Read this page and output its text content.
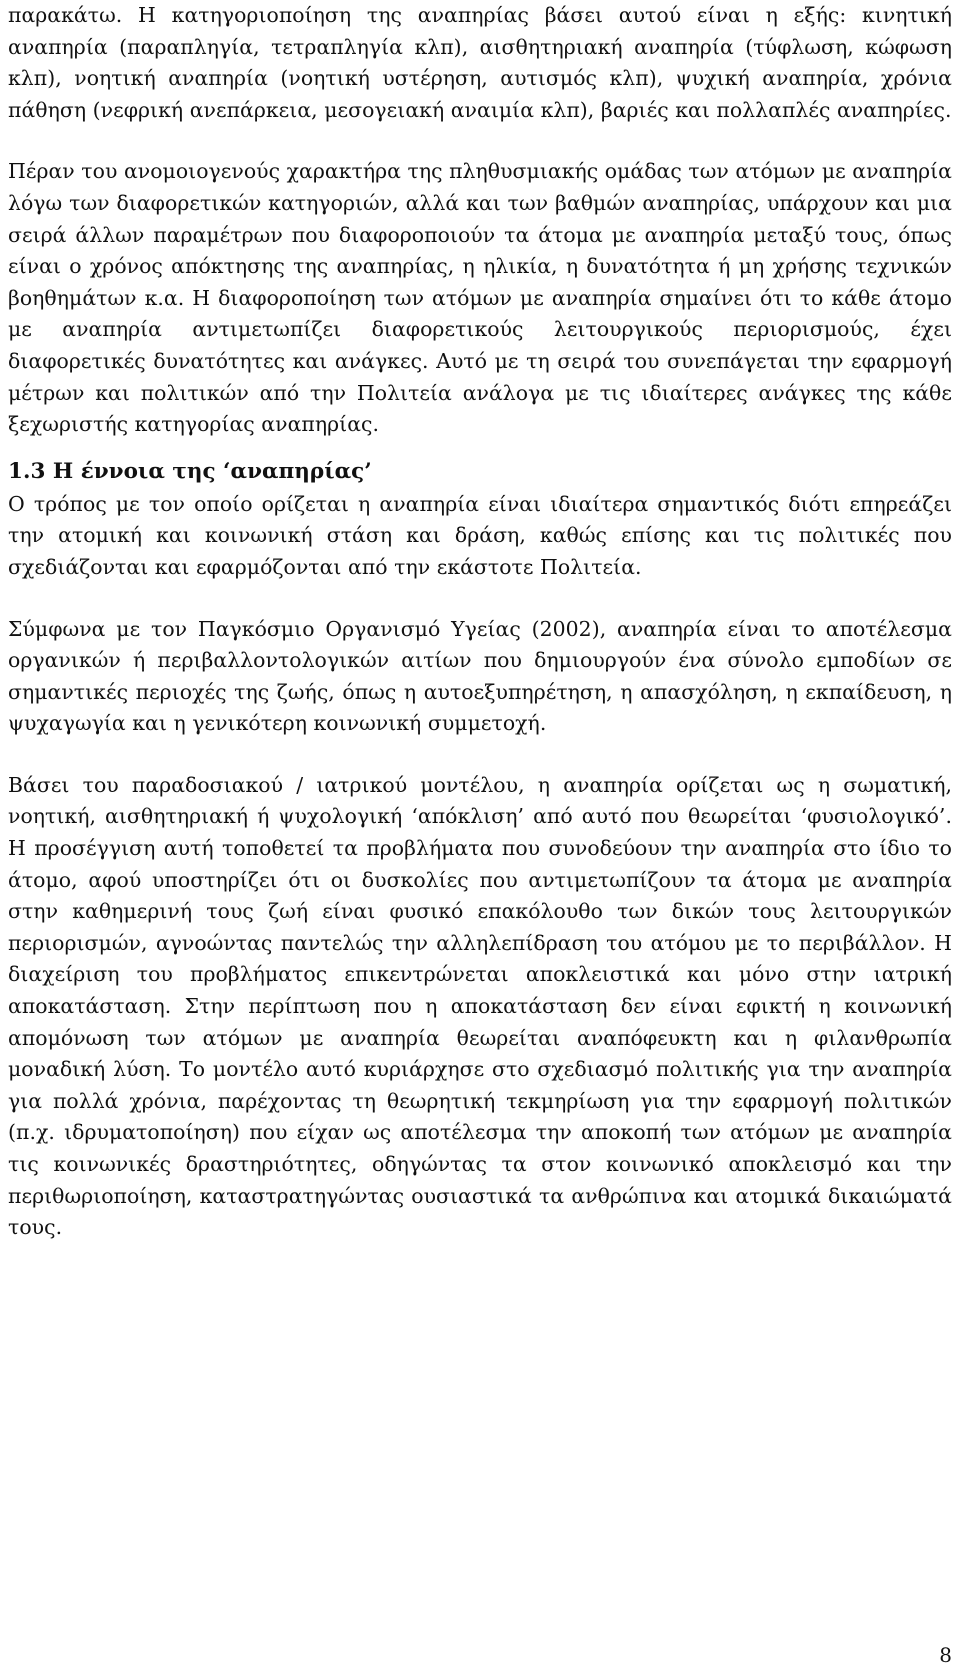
παρακάτω. Η κατηγοριοποίηση της αναπηρίας βάσει αυτού είναι η εξής: κινητική αναπηρία (παραπληγία, τετραπληγία κλπ), αισθητηριακή αναπηρία (τύφλωση, κώφωση κλπ), νοητική αναπηρία (νοητική υστέρηση, αυτισμός κλπ), ψυχική αναπηρία, χρόνια πάθηση (νεφρική ανεπάρκεια, μεσογειακή αναιμία κλπ), βαριές και πολλαπλές αναπηρίες.

Πέραν του ανομοιογενούς χαρακτήρα της πληθυσμιακής ομάδας των ατόμων με αναπηρία λόγω των διαφορετικών κατηγοριών, αλλά και των βαθμών αναπηρίας, υπάρχουν και μια σειρά άλλων παραμέτρων που διαφοροποιούν τα άτομα με αναπηρία μεταξύ τους, όπως είναι ο χρόνος απόκτησης της αναπηρίας, η ηλικία, η δυνατότητα ή μη χρήσης τεχνικών βοηθημάτων κ.α. Η διαφοροποίηση των ατόμων με αναπηρία σημαίνει ότι το κάθε άτομο με αναπηρία αντιμετωπίζει διαφορετικούς λειτουργικούς περιορισμούς, έχει διαφορετικές δυνατότητες και ανάγκες. Αυτό με τη σειρά του συνεπάγεται την εφαρμογή μέτρων και πολιτικών από την Πολιτεία ανάλογα με τις ιδιαίτερες ανάγκες της κάθε ξεχωριστής κατηγορίας αναπηρίας.

1.3 Η έννοια της ‘αναπηρίας’

Ο τρόπος με τον οποίο ορίζεται η αναπηρία είναι ιδιαίτερα σημαντικός διότι επηρεάζει την ατομική και κοινωνική στάση και δράση, καθώς επίσης και τις πολιτικές που σχεδιάζονται και εφαρμόζονται από την εκάστοτε Πολιτεία.

Σύμφωνα με τον Παγκόσμιο Οργανισμό Υγείας (2002), αναπηρία είναι το αποτέλεσμα οργανικών ή περιβαλλοντολογικών αιτίων που δημιουργούν ένα σύνολο εμποδίων σε σημαντικές περιοχές της ζωής, όπως η αυτοεξυπηρέτηση, η απασχόληση, η εκπαίδευση, η ψυχαγωγία και η γενικότερη κοινωνική συμμετοχή.

Βάσει του παραδοσιακού / ιατρικού μοντέλου, η αναπηρία ορίζεται ως η σωματική, νοητική, αισθητηριακή ή ψυχολογική ‘απόκλιση’ από αυτό που θεωρείται ‘φυσιολογικό’. Η προσέγγιση αυτή τοποθετεί τα προβλήματα που συνοδεύουν την αναπηρία στο ίδιο το άτομο, αφού υποστηρίζει ότι οι δυσκολίες που αντιμετωπίζουν τα άτομα με αναπηρία στην καθημερινή τους ζωή είναι φυσικό επακόλουθο των δικών τους λειτουργικών περιορισμών, αγνοώντας παντελώς την αλληλεπίδραση του ατόμου με το περιβάλλον. Η διαχείριση του προβλήματος επικεντρώνεται αποκλειστικά και μόνο στην ιατρική αποκατάσταση. Στην περίπτωση που η αποκατάσταση δεν είναι εφικτή η κοινωνική απομόνωση των ατόμων με αναπηρία θεωρείται αναπόφευκτη και η φιλανθρωπία μοναδική λύση. Το μοντέλο αυτό κυριάρχησε στο σχεδιασμό πολιτικής για την αναπηρία για πολλά χρόνια, παρέχοντας τη θεωρητική τεκμηρίωση για την εφαρμογή πολιτικών (π.χ. ιδρυματοποίηση) που είχαν ως αποτέλεσμα την αποκοπή των ατόμων με αναπηρία τις κοινωνικές δραστηριότητες, οδηγώντας τα στον κοινωνικό αποκλεισμό και την περιθωριοποίηση, καταστρατηγώντας ουσιαστικά τα ανθρώπινα και ατομικά δικαιώματά τους.

8
